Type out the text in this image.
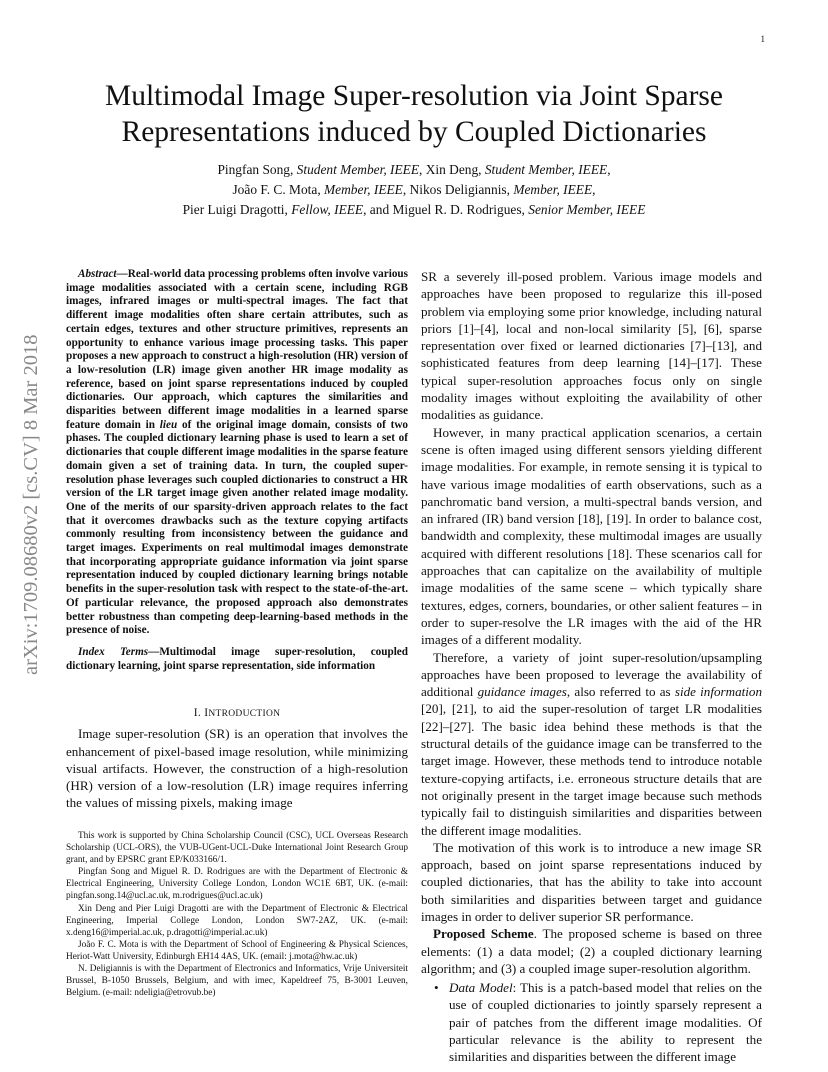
1
arXiv:1709.08680v2 [cs.CV] 8 Mar 2018
Multimodal Image Super-resolution via Joint Sparse
Representations induced by Coupled Dictionaries

Pingfan Song, Student Member, IEEE, Xin Deng, Student Member, IEEE,

João F. C. Mota, Member, IEEE, Nikos Deligiannis, Member, IEEE,

Pier Luigi Dragotti, Fellow, IEEE, and Miguel R. D. Rodrigues, Senior Member, IEEE

Abstract—Real-world data processing problems often involve various image modalities associated with a certain scene, including RGB images, infrared images or multi-spectral images. The fact that different image modalities often share certain attributes, such as certain edges, textures and other structure primitives, represents an opportunity to enhance various image processing tasks. This paper proposes a new approach to construct a high-resolution (HR) version of a low-resolution (LR) image given another HR image modality as reference, based on joint sparse representations induced by coupled dictionaries. Our approach, which captures the similarities and disparities between different image modalities in a learned sparse feature domain in lieu of the original image domain, consists of two phases. The coupled dictionary learning phase is used to learn a set of dictionaries that couple different image modalities in the sparse feature domain given a set of training data. In turn, the coupled super-resolution phase leverages such coupled dictionaries to construct a HR version of the LR target image given another related image modality. One of the merits of our sparsity-driven approach relates to the fact that it overcomes drawbacks such as the texture copying artifacts commonly resulting from inconsistency between the guidance and target images. Experiments on real multimodal images demonstrate that incorporating appropriate guidance information via joint sparse representation induced by coupled dictionary learning brings notable benefits in the super-resolution task with respect to the state-of-the-art. Of particular relevance, the proposed approach also demonstrates better robustness than competing deep-learning-based methods in the presence of noise.

Index Terms—Multimodal image super-resolution, coupled dictionary learning, joint sparse representation, side information

I. INTRODUCTION

Image super-resolution (SR) is an operation that involves the enhancement of pixel-based image resolution, while minimizing visual artifacts. However, the construction of a high-resolution (HR) version of a low-resolution (LR) image requires inferring the values of missing pixels, making image

This work is supported by China Scholarship Council (CSC), UCL Overseas Research Scholarship (UCL-ORS), the VUB-UGent-UCL-Duke International Joint Research Group grant, and by EPSRC grant EP/K033166/1.

Pingfan Song and Miguel R. D. Rodrigues are with the Department of Electronic & Electrical Engineering, University College London, London WC1E 6BT, UK. (e-mail: pingfan.song.14@ucl.ac.uk, m.rodrigues@ucl.ac.uk)

Xin Deng and Pier Luigi Dragotti are with the Department of Electronic & Electrical Engineering, Imperial College London, London SW7-2AZ, UK. (e-mail: x.deng16@imperial.ac.uk, p.dragotti@imperial.ac.uk)

João F. C. Mota is with the Department of School of Engineering & Physical Sciences, Heriot-Watt University, Edinburgh EH14 4AS, UK. (email: j.mota@hw.ac.uk)

N. Deligiannis is with the Department of Electronics and Informatics, Vrije Universiteit Brussel, B-1050 Brussels, Belgium, and with imec, Kapeldreef 75, B-3001 Leuven, Belgium. (e-mail: ndeligia@etrovub.be)

SR a severely ill-posed problem. Various image models and approaches have been proposed to regularize this ill-posed problem via employing some prior knowledge, including natural priors [1]–[4], local and non-local similarity [5], [6], sparse representation over fixed or learned dictionaries [7]–[13], and sophisticated features from deep learning [14]–[17]. These typical super-resolution approaches focus only on single modality images without exploiting the availability of other modalities as guidance.

However, in many practical application scenarios, a certain scene is often imaged using different sensors yielding different image modalities. For example, in remote sensing it is typical to have various image modalities of earth observations, such as a panchromatic band version, a multi-spectral bands version, and an infrared (IR) band version [18], [19]. In order to balance cost, bandwidth and complexity, these multimodal images are usually acquired with different resolutions [18]. These scenarios call for approaches that can capitalize on the availability of multiple image modalities of the same scene – which typically share textures, edges, corners, boundaries, or other salient features – in order to super-resolve the LR images with the aid of the HR images of a different modality.

Therefore, a variety of joint super-resolution/upsampling approaches have been proposed to leverage the availability of additional guidance images, also referred to as side information [20], [21], to aid the super-resolution of target LR modalities [22]–[27]. The basic idea behind these methods is that the structural details of the guidance image can be transferred to the target image. However, these methods tend to introduce notable texture-copying artifacts, i.e. erroneous structure details that are not originally present in the target image because such methods typically fail to distinguish similarities and disparities between the different image modalities.

The motivation of this work is to introduce a new image SR approach, based on joint sparse representations induced by coupled dictionaries, that has the ability to take into account both similarities and disparities between target and guidance images in order to deliver superior SR performance.

Proposed Scheme. The proposed scheme is based on three elements: (1) a data model; (2) a coupled dictionary learning algorithm; and (3) a coupled image super-resolution algorithm.

• Data Model: This is a patch-based model that relies on the use of coupled dictionaries to jointly sparsely represent a pair of patches from the different image modalities. Of particular relevance is the ability to represent the similarities and disparities between the different image
